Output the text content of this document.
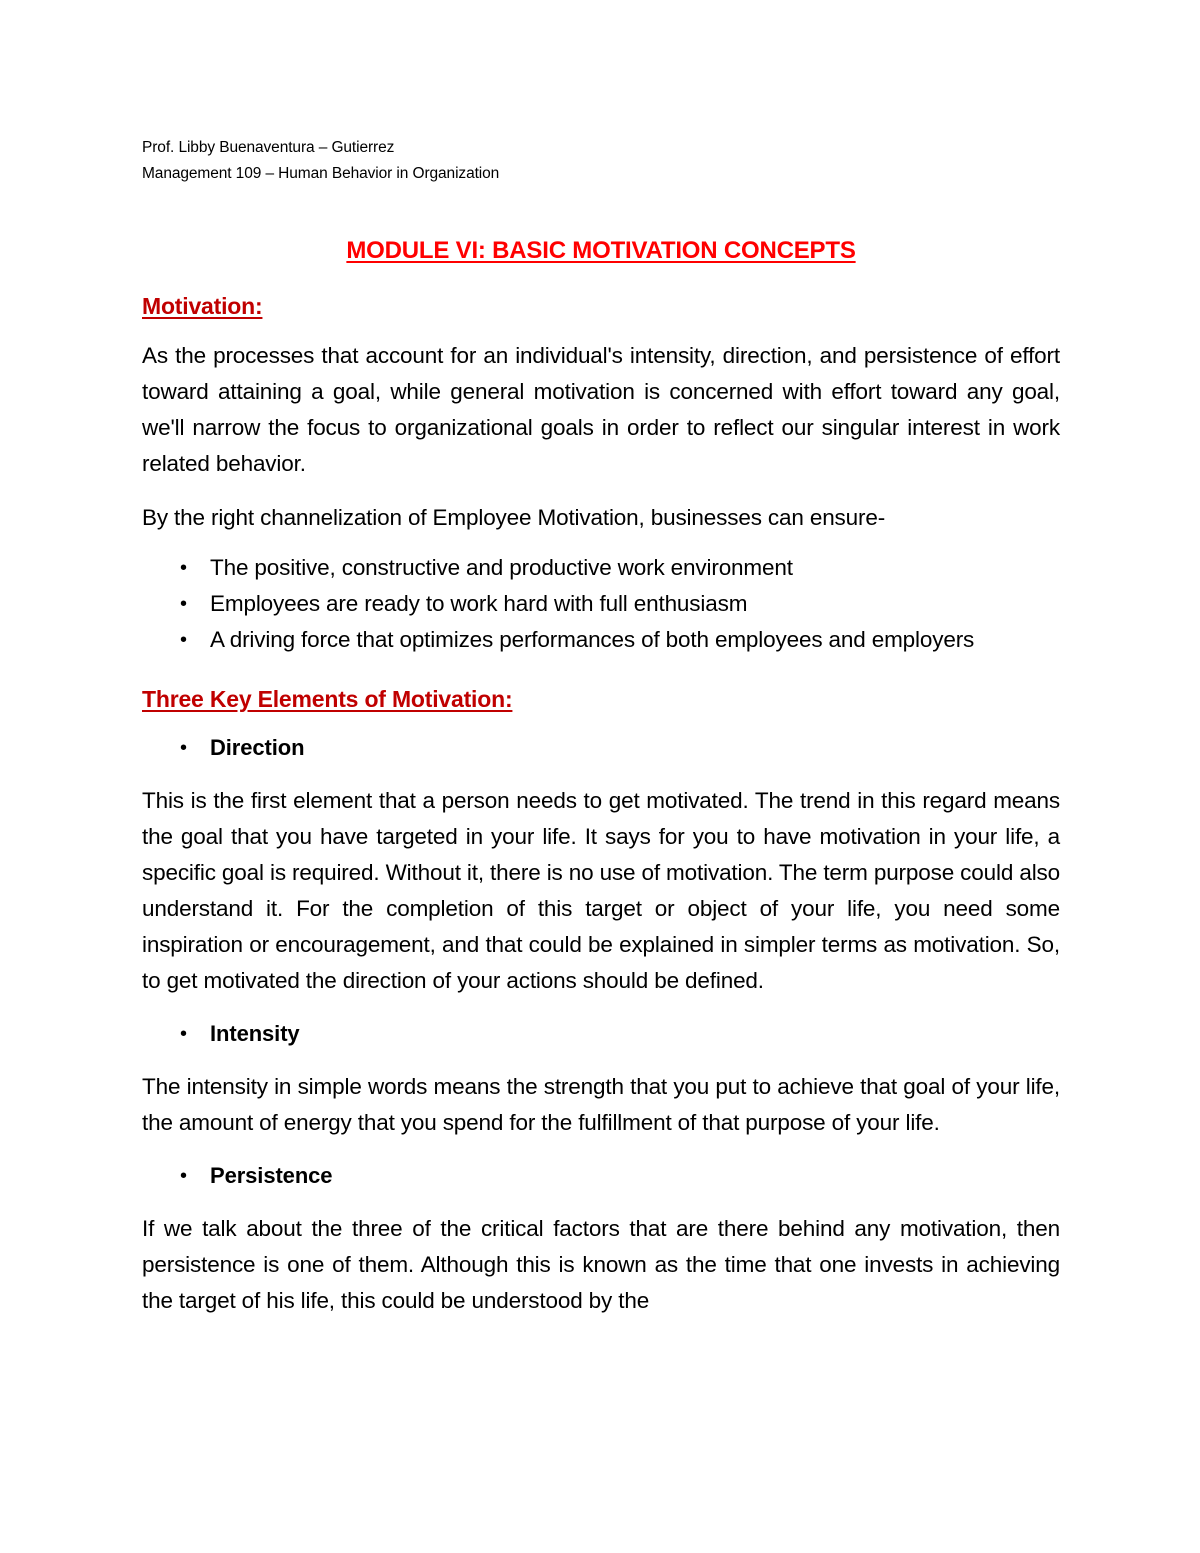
Prof. Libby Buenaventura – Gutierrez
Management 109 – Human Behavior in Organization
MODULE VI: BASIC MOTIVATION CONCEPTS
Motivation:

As the processes that account for an individual's intensity, direction, and persistence of effort toward attaining a goal, while general motivation is concerned with effort toward any goal, we'll narrow the focus to organizational goals in order to reflect our singular interest in work related behavior.

By the right channelization of Employee Motivation, businesses can ensure-

• The positive, constructive and productive work environment
• Employees are ready to work hard with full enthusiasm
• A driving force that optimizes performances of both employees and employers
Three Key Elements of Motivation:
• Direction

This is the first element that a person needs to get motivated. The trend in this regard means the goal that you have targeted in your life. It says for you to have motivation in your life, a specific goal is required. Without it, there is no use of motivation. The term purpose could also understand it. For the completion of this target or object of your life, you need some inspiration or encouragement, and that could be explained in simpler terms as motivation. So, to get motivated the direction of your actions should be defined.

• Intensity

The intensity in simple words means the strength that you put to achieve that goal of your life, the amount of energy that you spend for the fulfillment of that purpose of your life.

• Persistence

If we talk about the three of the critical factors that are there behind any motivation, then persistence is one of them. Although this is known as the time that one invests in achieving the target of his life, this could be understood by the
